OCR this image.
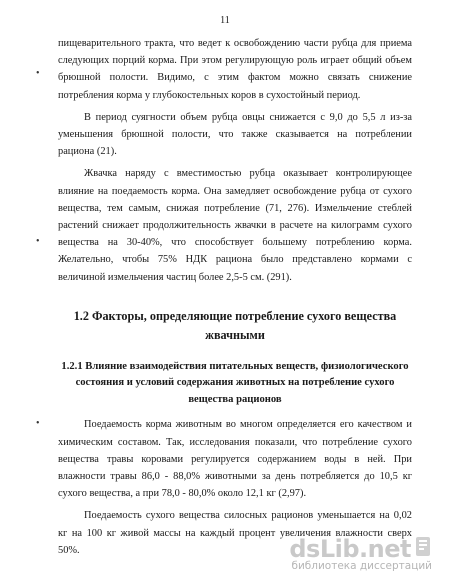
11
•
•
•

пищеварительного тракта, что ведет к освобождению части рубца для приема следующих порций корма. При этом регулирующую роль играет общий объем брюшной полости. Видимо, с этим фактом можно связать снижение потребления корма у глубокостельных коров в сухостойный период.

В период суягности объем рубца овцы снижается с 9,0 до 5,5 л из-за уменьшения брюшной полости, что также сказывается на потреблении рациона (21).

Жвачка наряду с вместимостью рубца оказывает контролирующее влияние на поедаемость корма. Она замедляет освобождение рубца от сухого вещества, тем самым, снижая потребление (71, 276). Измельчение стеблей растений снижает продолжительность жвачки в расчете на килограмм сухого вещества на 30-40%, что способствует большему потреблению корма. Желательно, чтобы 75% НДК рациона было представлено кормами с величиной измельчения частиц более 2,5-5 см. (291).

1.2 Факторы, определяющие потребление сухого вещества жвачными
1.2.1 Влияние взаимодействия питательных веществ, физиологического состояния и условий содержания животных на потребление сухого вещества рационов

Поедаемость корма животным во многом определяется его качеством и химическим составом. Так, исследования показали, что потребление сухого вещества травы коровами регулируется содержанием воды в ней. При влажности травы 86,0 - 88,0% животными за день потребляется до 10,5 кг сухого вещества, а при 78,0 - 80,0% около 12,1 кг (2,97).

Поедаемость сухого вещества силосных рационов уменьшается на 0,02 кг на 100 кг живой массы на каждый процент увеличения влажности сверх 50%.	dsLib.net
библиотека диссертаций
